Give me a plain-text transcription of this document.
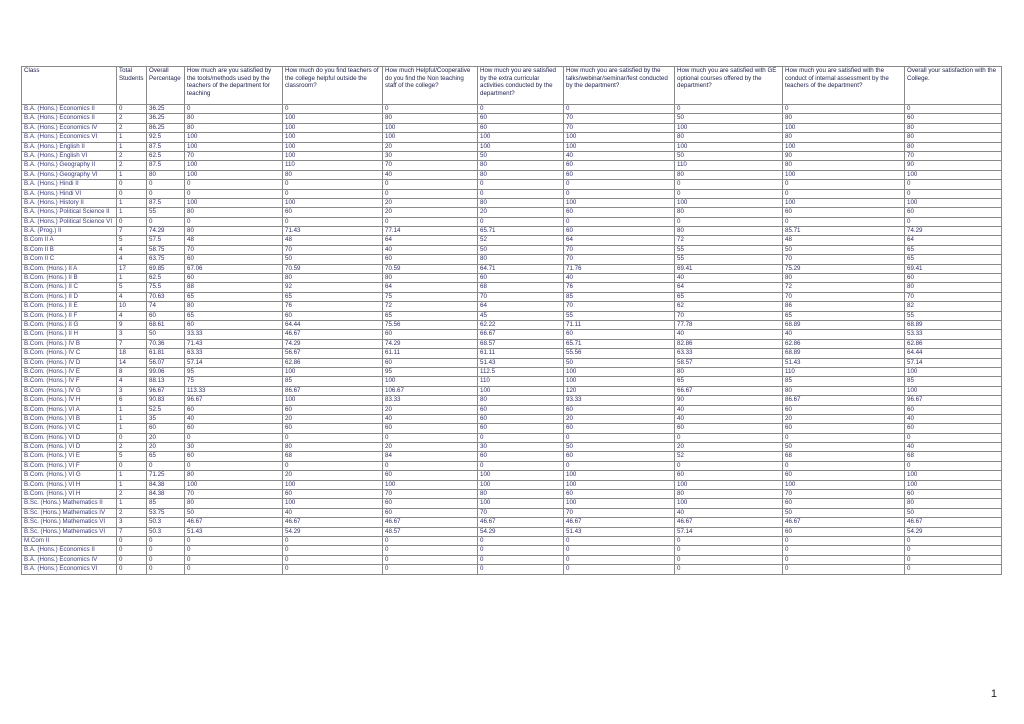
Class	Total Students	Overall Percentage	How much are you satisfied by the tools/methods used by the teachers of the department for teaching	How much do you find teachers of the college helpful outside the classroom?	How much Helpful/Cooperative do you find the Non teaching staff of the college?	How much you are satisfied by the extra curricular activities conducted by the department?	How much you are satisfied by the talks/webinar/seminar/fest conducted by the department?	How much you are satisfied with GE optional courses offered by the department?	How much you are satisfied with the conduct of internal assessment by the teachers of the department?	Overall your satisfaction with the College.
B.A. (Hons.) Economics II	0	36.25	0	0	0	0	0	0	0	0
B.A. (Hons.) Economics II	2	36.25	80	100	80	60	70	50	80	60
B.A. (Hons.) Economics IV	2	86.25	80	100	100	60	70	100	100	80
B.A. (Hons.) Economics VI	1	92.5	100	100	100	100	100	80	80	80
B.A. (Hons.) English II	1	87.5	100	100	20	100	100	100	100	80
B.A. (Hons.) English VI	2	62.5	70	100	30	50	40	50	90	70
B.A. (Hons.) Geography II	2	87.5	100	110	70	80	60	110	80	90
B.A. (Hons.) Geography VI	1	80	100	80	40	80	60	80	100	100
B.A. (Hons.) Hindi II	0	0	0	0	0	0	0	0	0	0
B.A. (Hons.) Hindi VI	0	0	0	0	0	0	0	0	0	0
B.A. (Hons.) History II	1	87.5	100	100	20	80	100	100	100	100
B.A. (Hons.) Political Science II	1	55	80	60	20	20	60	80	60	60
B.A. (Hons.) Political Science VI	0	0	0	0	0	0	0	0	0	0
B.A. (Prog.) II	7	74.29	80	71.43	77.14	65.71	60	80	85.71	74.29
B.Com II A	5	57.5	48	48	64	52	64	72	48	64
B.Com II B	4	58.75	70	70	40	50	70	55	50	65
B.Com II C	4	63.75	60	50	60	80	70	55	70	65
B.Com. (Hons.) II A	17	69.85	67.06	70.59	70.59	64.71	71.76	69.41	75.29	69.41
B.Com. (Hons.) II B	1	62.5	60	80	80	60	40	40	80	60
B.Com. (Hons.) II C	5	75.5	88	92	64	68	76	64	72	80
B.Com. (Hons.) II D	4	70.63	65	65	75	70	85	65	70	70
B.Com. (Hons.) II E	10	74	80	76	72	64	70	62	86	82
B.Com. (Hons.) II F	4	60	65	60	65	45	55	70	65	55
B.Com. (Hons.) II G	9	68.61	60	64.44	75.56	62.22	71.11	77.78	68.89	68.89
B.Com. (Hons.) II H	3	50	33.33	46.67	60	66.67	60	40	40	53.33
B.Com. (Hons.) IV B	7	70.36	71.43	74.29	74.29	68.57	65.71	82.86	62.86	62.86
B.Com. (Hons.) IV C	18	61.81	63.33	56.67	61.11	61.11	55.56	63.33	68.89	64.44
B.Com. (Hons.) IV D	14	56.07	57.14	62.86	60	51.43	50	58.57	51.43	57.14
B.Com. (Hons.) IV E	8	99.06	95	100	95	112.5	100	80	110	100
B.Com. (Hons.) IV F	4	88.13	75	85	100	110	100	65	85	85
B.Com. (Hons.) IV G	3	96.67	113.33	86.67	106.67	100	120	66.67	80	100
B.Com. (Hons.) IV H	6	90.83	96.67	100	83.33	80	93.33	90	86.67	96.67
B.Com. (Hons.) VI A	1	52.5	60	60	20	60	60	40	60	60
B.Com. (Hons.) VI B	1	35	40	20	40	60	20	40	20	40
B.Com. (Hons.) VI C	1	60	60	60	60	60	60	60	60	60
B.Com. (Hons.) VI D	0	20	0	0	0	0	0	0	0	0
B.Com. (Hons.) VI D	2	20	30	80	20	30	50	20	50	40
B.Com. (Hons.) VI E	5	65	60	68	84	60	60	52	68	68
B.Com. (Hons.) VI F	0	0	0	0	0	0	0	0	0	0
B.Com. (Hons.) VI G	1	71.25	80	20	60	100	100	60	60	100
B.Com. (Hons.) VI H	1	84.38	100	100	100	100	100	100	100	100
B.Com. (Hons.) VI H	2	84.38	70	60	70	80	60	80	70	60
B.Sc. (Hons.) Mathematics II	1	85	80	100	60	100	100	100	60	80
B.Sc. (Hons.) Mathematics IV	2	53.75	50	40	60	70	70	40	50	50
B.Sc. (Hons.) Mathematics VI	3	50.3	46.67	46.67	46.67	46.67	46.67	46.67	46.67	46.67
B.Sc. (Hons.) Mathematics VI	7	50.3	51.43	54.29	48.57	54.29	51.43	57.14	60	54.29
M.Com II	0	0	0	0	0	0	0	0	0	0
B.A. (Hons.) Economics II	0	0	0	0	0	0	0	0	0	0
B.A. (Hons.) Economics IV	0	0	0	0	0	0	0	0	0	0
B.A. (Hons.) Economics VI	0	0	0	0	0	0	0	0	0	0
1
